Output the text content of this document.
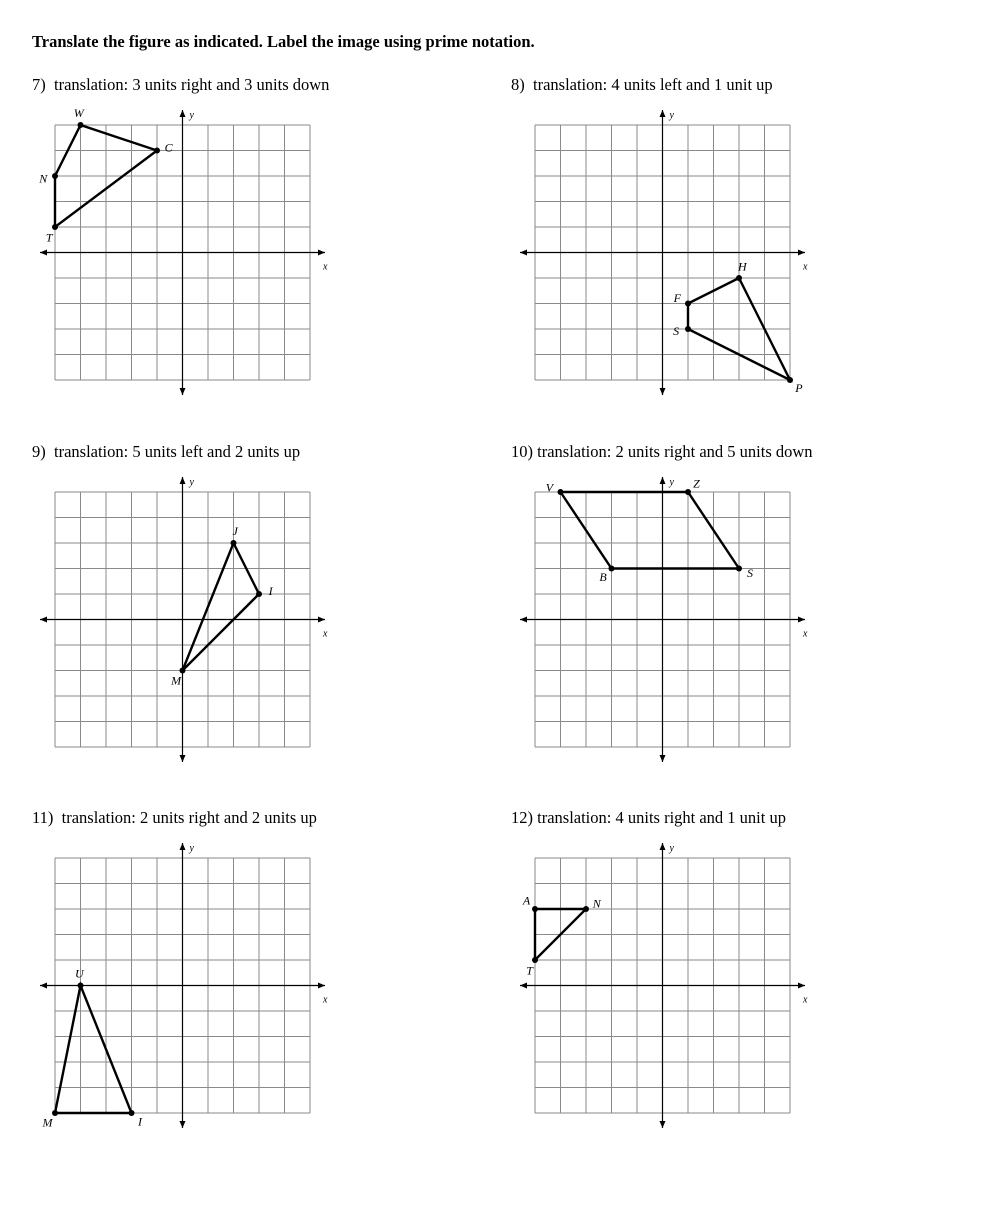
Translate the figure as indicated. Label the image using prime notation.
7)  translation: 3 units right and 3 units down	8)  translation: 4 units left and 1 unit up
9)  translation: 5 units left and 2 units up	10) translation: 2 units right and 5 units down
11)  translation: 2 units right and 2 units up	12) translation: 4 units right and 1 unit up
x
y
W
C
T
N
x
y
H
P
S
F
x
y
J
I
M
x
y
V	Z
S
B
x
y
U
I
M
x
y
A	N
T
